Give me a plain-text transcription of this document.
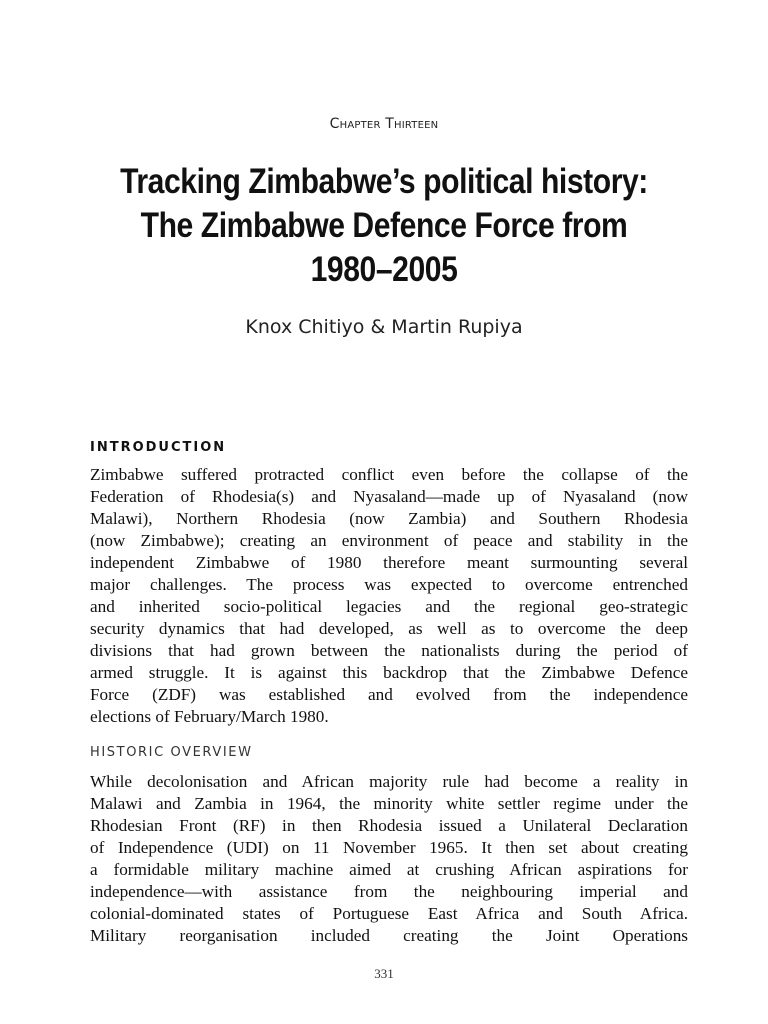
Chapter Thirteen
Tracking Zimbabwe’s political history:
The Zimbabwe Defence Force from
1980–2005
Knox Chitiyo & Martin Rupiya
INTRODUCTION
Zimbabwe suffered protracted conflict even before the collapse of the
Federation of Rhodesia(s) and Nyasaland—made up of Nyasaland (now
Malawi), Northern Rhodesia (now Zambia) and Southern Rhodesia
(now Zimbabwe); creating an environment of peace and stability in the
independent Zimbabwe of 1980 therefore meant surmounting several
major challenges. The process was expected to overcome entrenched
and inherited socio-political legacies and the regional geo-strategic
security dynamics that had developed, as well as to overcome the deep
divisions that had grown between the nationalists during the period of
armed struggle. It is against this backdrop that the Zimbabwe Defence
Force (ZDF) was established and evolved from the independence
elections of February/March 1980.
HISTORIC OVERVIEW
While decolonisation and African majority rule had become a reality in
Malawi and Zambia in 1964, the minority white settler regime under the
Rhodesian Front (RF) in then Rhodesia issued a Unilateral Declaration
of Independence (UDI) on 11 November 1965. It then set about creating
a formidable military machine aimed at crushing African aspirations for
independence—with assistance from the neighbouring imperial and
colonial-dominated states of Portuguese East Africa and South Africa.
Military reorganisation included creating the Joint Operations
331
